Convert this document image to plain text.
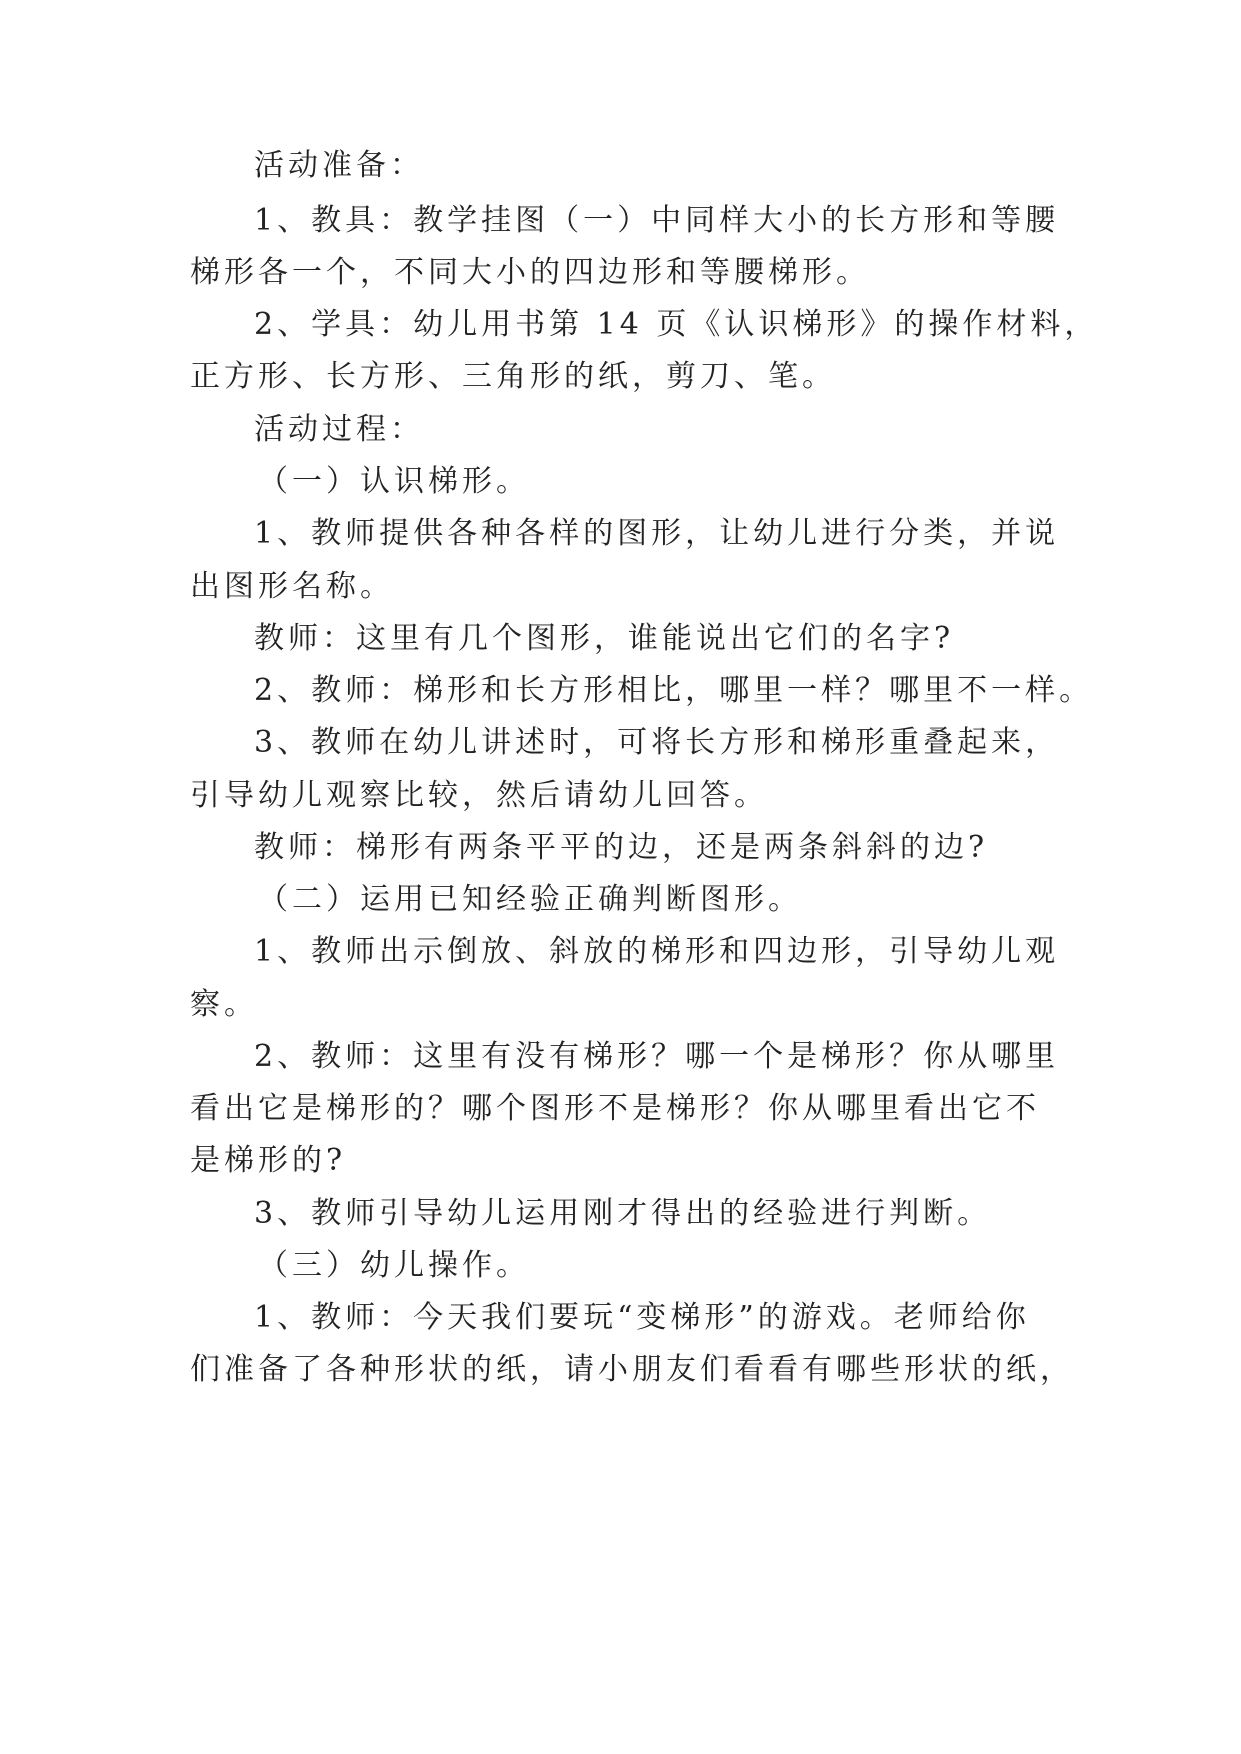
活动准备：
1、教具：教学挂图（一）中同样大小的长方形和等腰
梯形各一个，不同大小的四边形和等腰梯形。
2、学具：幼儿用书第 14 页《认识梯形》的操作材料，
正方形、长方形、三角形的纸，剪刀、笔。
活动过程：
（一）认识梯形。
1、教师提供各种各样的图形，让幼儿进行分类，并说
出图形名称。
教师：这里有几个图形，谁能说出它们的名字?
2、教师：梯形和长方形相比，哪里一样？哪里不一样。
3、教师在幼儿讲述时，可将长方形和梯形重叠起来，
引导幼儿观察比较，然后请幼儿回答。
教师：梯形有两条平平的边，还是两条斜斜的边?
（二）运用已知经验正确判断图形。
1、教师出示倒放、斜放的梯形和四边形，引导幼儿观
察。
2、教师：这里有没有梯形？哪一个是梯形？你从哪里
看出它是梯形的？哪个图形不是梯形？你从哪里看出它不
是梯形的?
3、教师引导幼儿运用刚才得出的经验进行判断。
（三）幼儿操作。
1、教师：今天我们要玩“变梯形”的游戏。老师给你
们准备了各种形状的纸，请小朋友们看看有哪些形状的纸，
